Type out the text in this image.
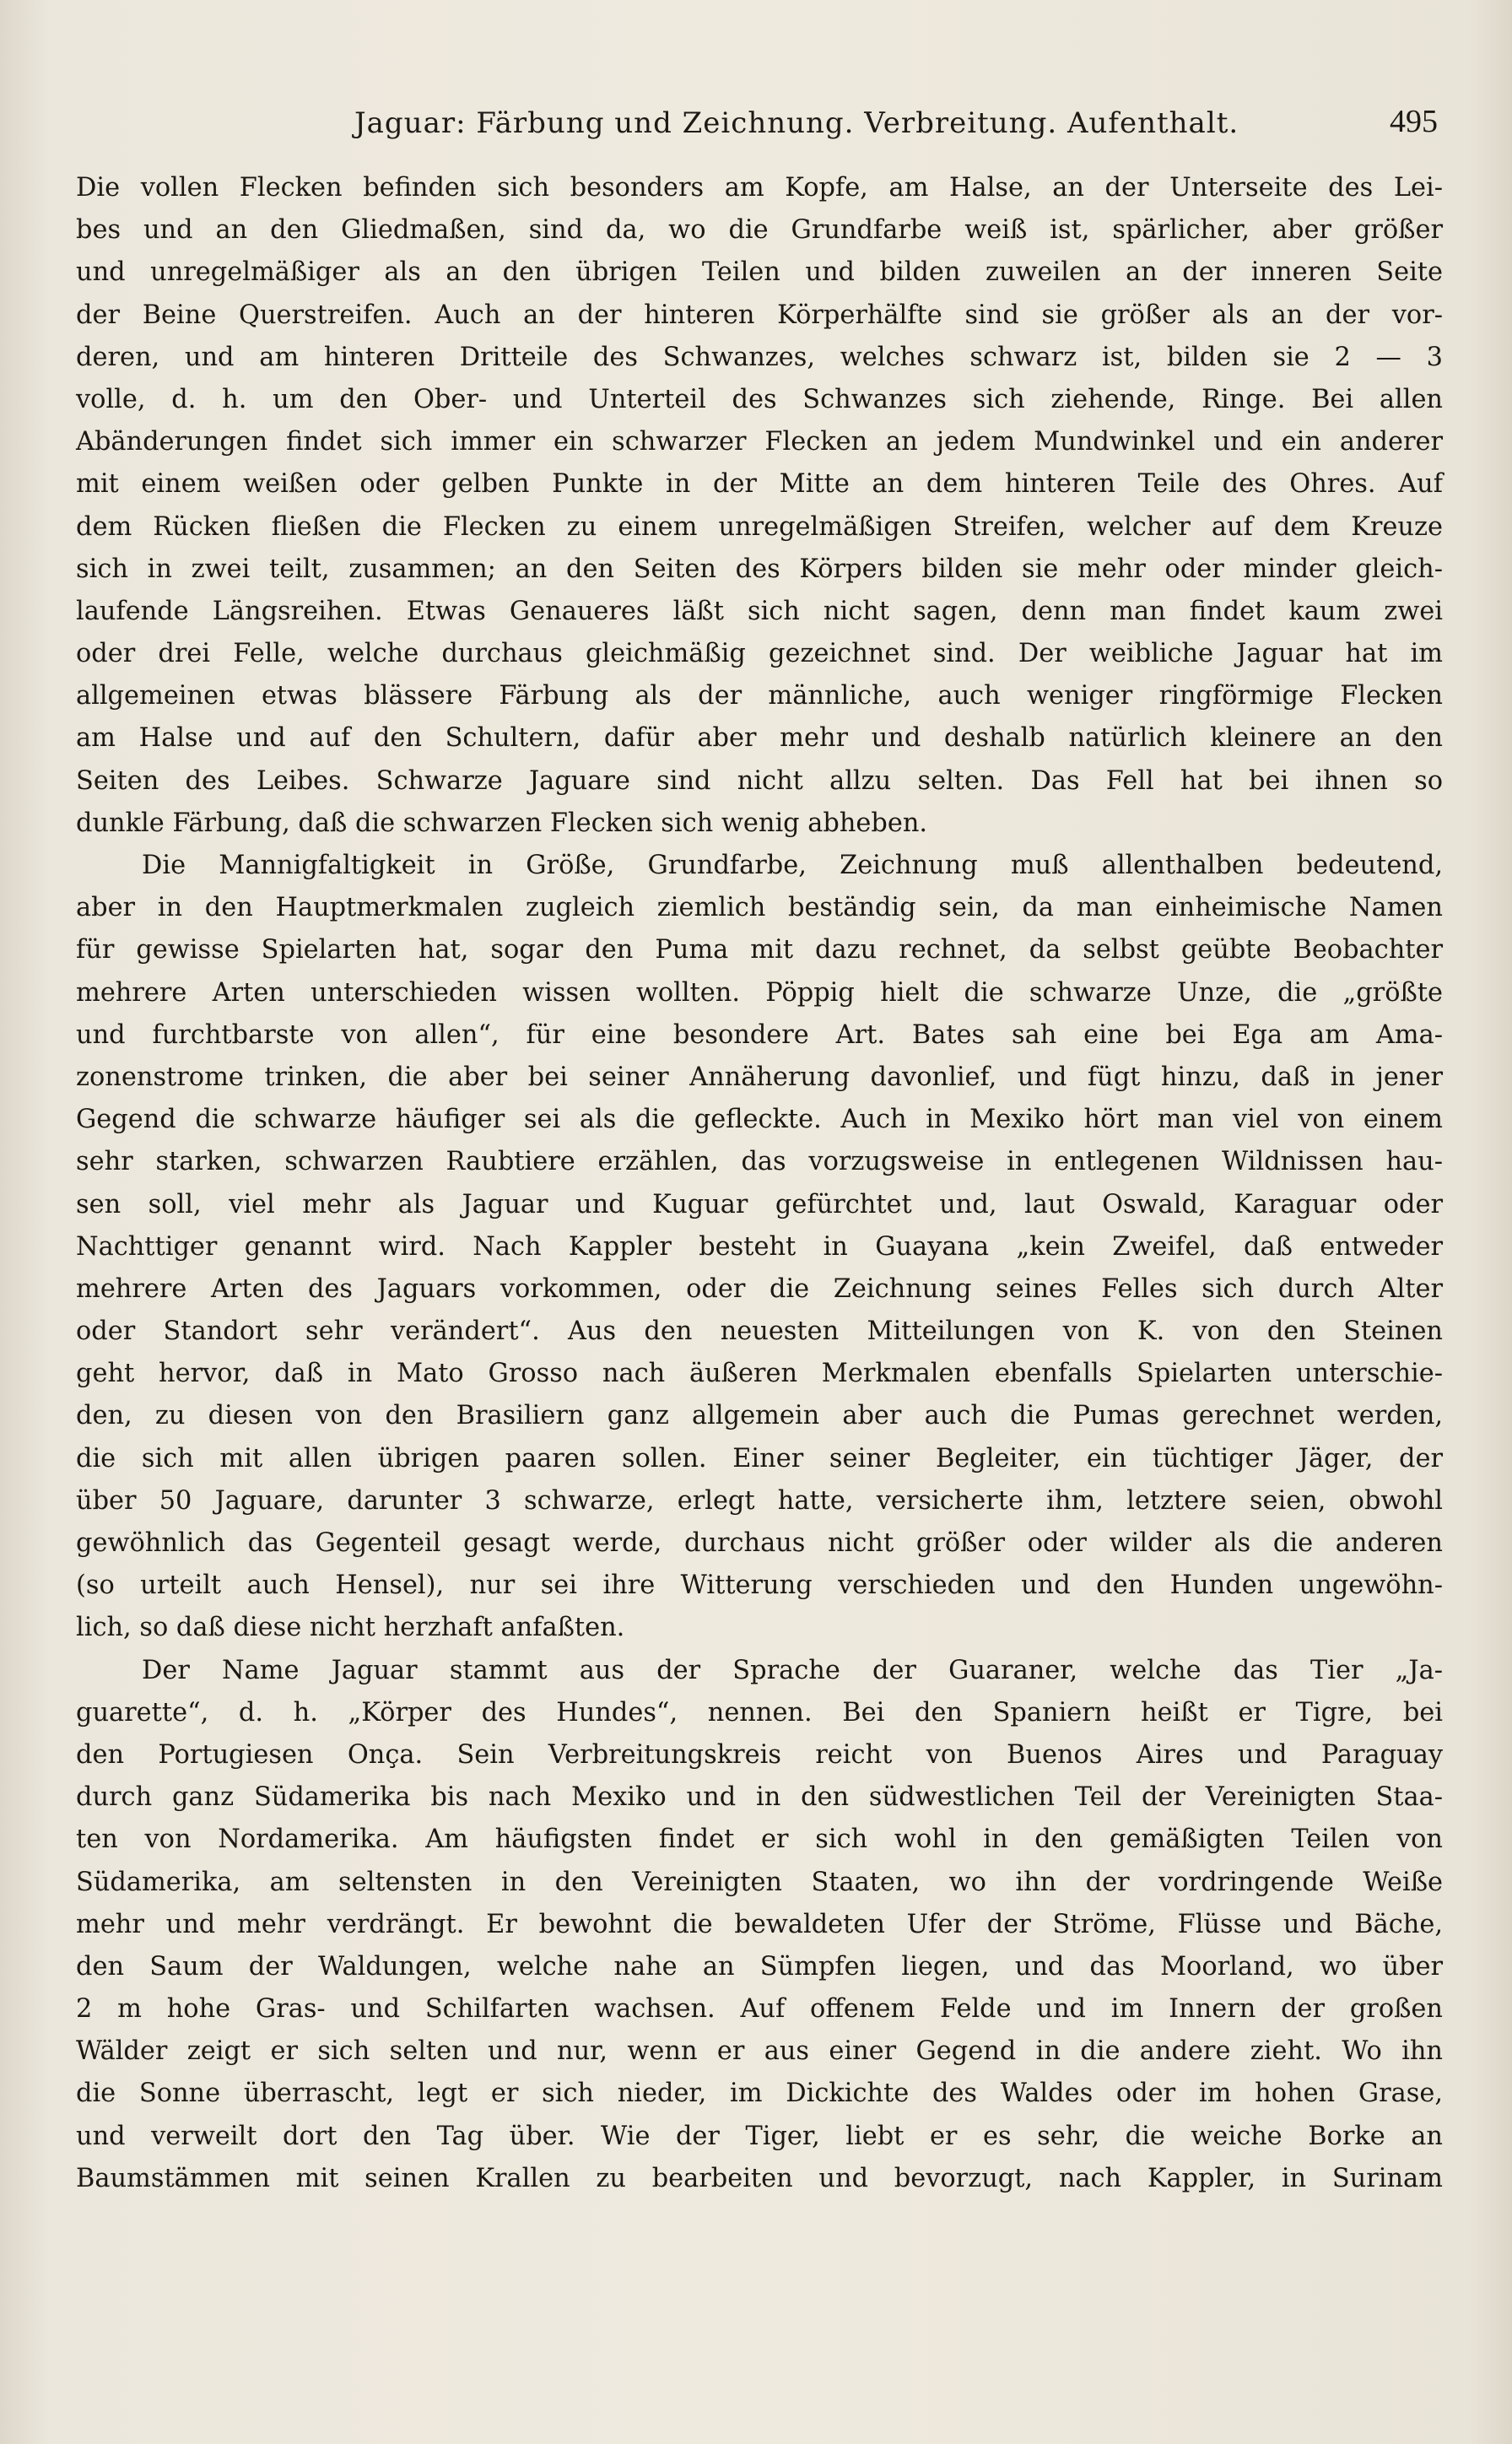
Jaguar: Färbung und Zeichnung. Verbreitung. Aufenthalt.	495
Die vollen Flecken befinden sich besonders am Kopfe, am Halse, an der Unterseite des Lei-
bes und an den Gliedmaßen, sind da, wo die Grundfarbe weiß ist, spärlicher, aber größer
und unregelmäßiger als an den übrigen Teilen und bilden zuweilen an der inneren Seite
der Beine Querstreifen. Auch an der hinteren Körperhälfte sind sie größer als an der vor-
deren, und am hinteren Dritteile des Schwanzes, welches schwarz ist, bilden sie 2 — 3
volle, d. h. um den Ober- und Unterteil des Schwanzes sich ziehende, Ringe. Bei allen
Abänderungen findet sich immer ein schwarzer Flecken an jedem Mundwinkel und ein anderer
mit einem weißen oder gelben Punkte in der Mitte an dem hinteren Teile des Ohres. Auf
dem Rücken fließen die Flecken zu einem unregelmäßigen Streifen, welcher auf dem Kreuze
sich in zwei teilt, zusammen; an den Seiten des Körpers bilden sie mehr oder minder gleich-
laufende Längsreihen. Etwas Genaueres läßt sich nicht sagen, denn man findet kaum zwei
oder drei Felle, welche durchaus gleichmäßig gezeichnet sind. Der weibliche Jaguar hat im
allgemeinen etwas blässere Färbung als der männliche, auch weniger ringförmige Flecken
am Halse und auf den Schultern, dafür aber mehr und deshalb natürlich kleinere an den
Seiten des Leibes. Schwarze Jaguare sind nicht allzu selten. Das Fell hat bei ihnen so
dunkle Färbung, daß die schwarzen Flecken sich wenig abheben.
Die Mannigfaltigkeit in Größe, Grundfarbe, Zeichnung muß allenthalben bedeutend,
aber in den Hauptmerkmalen zugleich ziemlich beständig sein, da man einheimische Namen
für gewisse Spielarten hat, sogar den Puma mit dazu rechnet, da selbst geübte Beobachter
mehrere Arten unterschieden wissen wollten. Pöppig hielt die schwarze Unze, die „größte
und furchtbarste von allen“, für eine besondere Art. Bates sah eine bei Ega am Ama-
zonenstrome trinken, die aber bei seiner Annäherung davonlief, und fügt hinzu, daß in jener
Gegend die schwarze häufiger sei als die gefleckte. Auch in Mexiko hört man viel von einem
sehr starken, schwarzen Raubtiere erzählen, das vorzugsweise in entlegenen Wildnissen hau-
sen soll, viel mehr als Jaguar und Kuguar gefürchtet und, laut Oswald, Karaguar oder
Nachttiger genannt wird. Nach Kappler besteht in Guayana „kein Zweifel, daß entweder
mehrere Arten des Jaguars vorkommen, oder die Zeichnung seines Felles sich durch Alter
oder Standort sehr verändert“. Aus den neuesten Mitteilungen von K. von den Steinen
geht hervor, daß in Mato Grosso nach äußeren Merkmalen ebenfalls Spielarten unterschie-
den, zu diesen von den Brasiliern ganz allgemein aber auch die Pumas gerechnet werden,
die sich mit allen übrigen paaren sollen. Einer seiner Begleiter, ein tüchtiger Jäger, der
über 50 Jaguare, darunter 3 schwarze, erlegt hatte, versicherte ihm, letztere seien, obwohl
gewöhnlich das Gegenteil gesagt werde, durchaus nicht größer oder wilder als die anderen
(so urteilt auch Hensel), nur sei ihre Witterung verschieden und den Hunden ungewöhn-
lich, so daß diese nicht herzhaft anfaßten.
Der Name Jaguar stammt aus der Sprache der Guaraner, welche das Tier „Ja-
guarette“, d. h. „Körper des Hundes“, nennen. Bei den Spaniern heißt er Tigre, bei
den Portugiesen Onça. Sein Verbreitungskreis reicht von Buenos Aires und Paraguay
durch ganz Südamerika bis nach Mexiko und in den südwestlichen Teil der Vereinigten Staa-
ten von Nordamerika. Am häufigsten findet er sich wohl in den gemäßigten Teilen von
Südamerika, am seltensten in den Vereinigten Staaten, wo ihn der vordringende Weiße
mehr und mehr verdrängt. Er bewohnt die bewaldeten Ufer der Ströme, Flüsse und Bäche,
den Saum der Waldungen, welche nahe an Sümpfen liegen, und das Moorland, wo über
2 m hohe Gras- und Schilfarten wachsen. Auf offenem Felde und im Innern der großen
Wälder zeigt er sich selten und nur, wenn er aus einer Gegend in die andere zieht. Wo ihn
die Sonne überrascht, legt er sich nieder, im Dickichte des Waldes oder im hohen Grase,
und verweilt dort den Tag über. Wie der Tiger, liebt er es sehr, die weiche Borke an
Baumstämmen mit seinen Krallen zu bearbeiten und bevorzugt, nach Kappler, in Surinam
